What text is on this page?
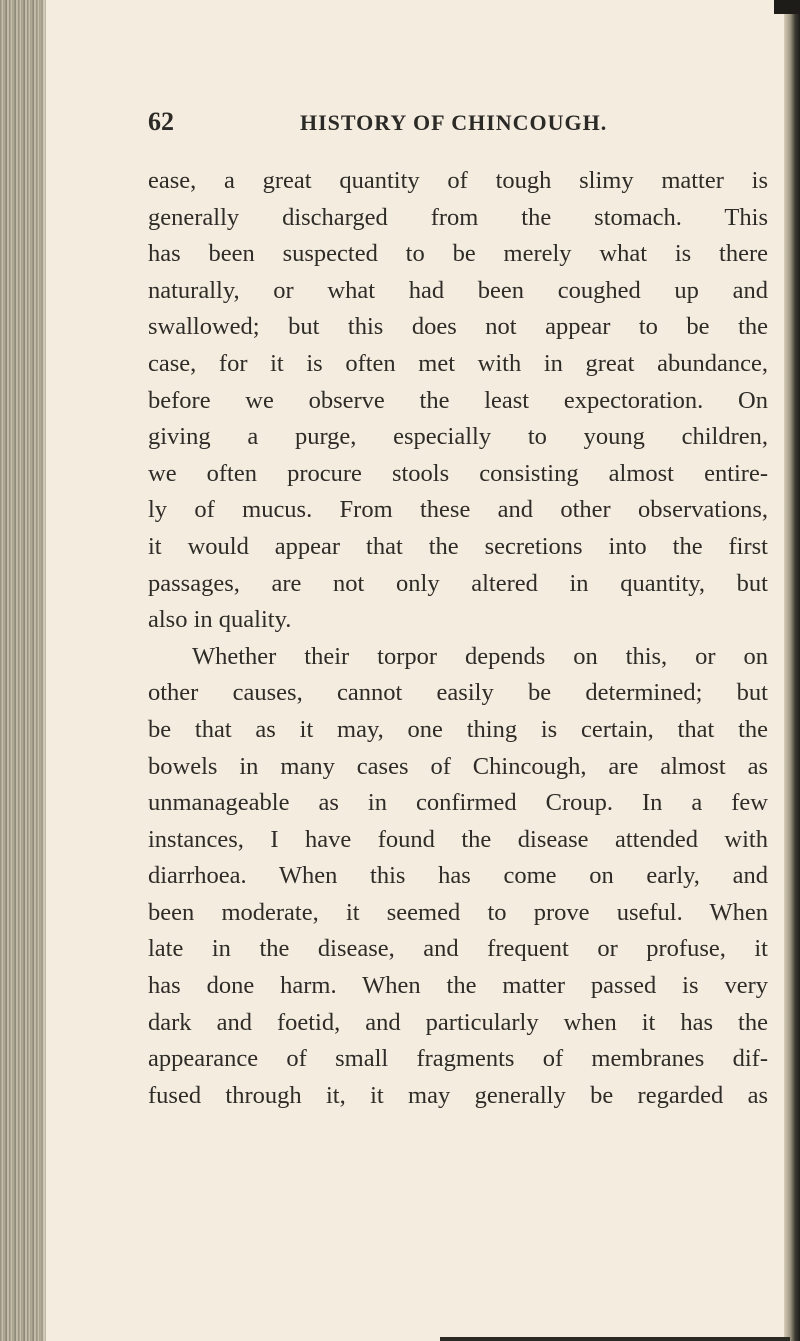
62	HISTORY OF CHINCOUGH.
ease, a great quantity of tough slimy matter is
generally discharged from the stomach. This
has been suspected to be merely what is there
naturally, or what had been coughed up and
swallowed; but this does not appear to be the
case, for it is often met with in great abundance,
before we observe the least expectoration. On
giving a purge, especially to young children,
we often procure stools consisting almost entire-
ly of mucus. From these and other observations,
it would appear that the secretions into the first
passages, are not only altered in quantity, but
also in quality.
Whether their torpor depends on this, or on
other causes, cannot easily be determined; but
be that as it may, one thing is certain, that the
bowels in many cases of Chincough, are almost as
unmanageable as in confirmed Croup. In a few
instances, I have found the disease attended with
diarrhoea. When this has come on early, and
been moderate, it seemed to prove useful. When
late in the disease, and frequent or profuse, it
has done harm. When the matter passed is very
dark and foetid, and particularly when it has the
appearance of small fragments of membranes dif-
fused through it, it may generally be regarded as
